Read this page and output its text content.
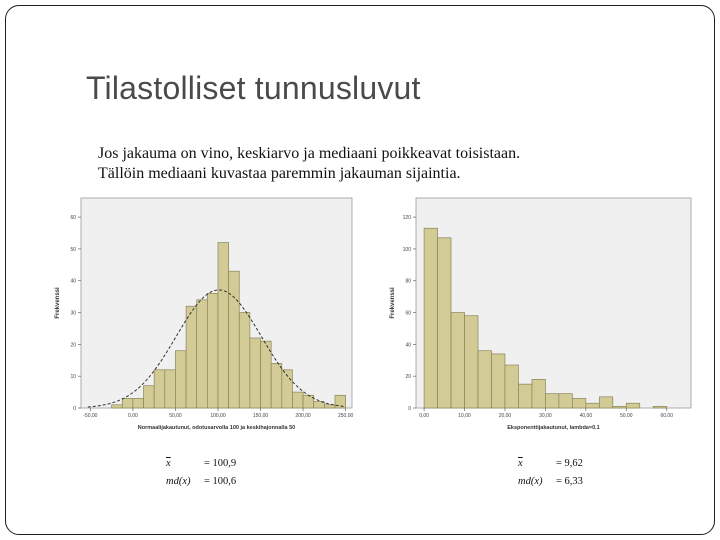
Tilastolliset tunnusluvut
Jos jakauma on vino, keskiarvo ja mediaani poikkeavat toisistaan.
Tällöin mediaani kuvastaa paremmin jakauman sijaintia.
0
10
20
30
40
50
60
-50,00	0,00	50,00	100,00	150,00	200,00	250,00
Normaalijakautunut, odotusarvolla 100 ja keskihajonnalla 50
Frekvenssi
0
20
40
60
80
100
120
0,00	10,00	20,00	30,00	40,00	50,00	60,00
Eksponenttijakautunut, lambda=0.1
Frekvenssi
$\overline{x}$	= 100,9
md(x)	= 100,6
$\overline{x}$	= 9,62
md(x)	= 6,33
